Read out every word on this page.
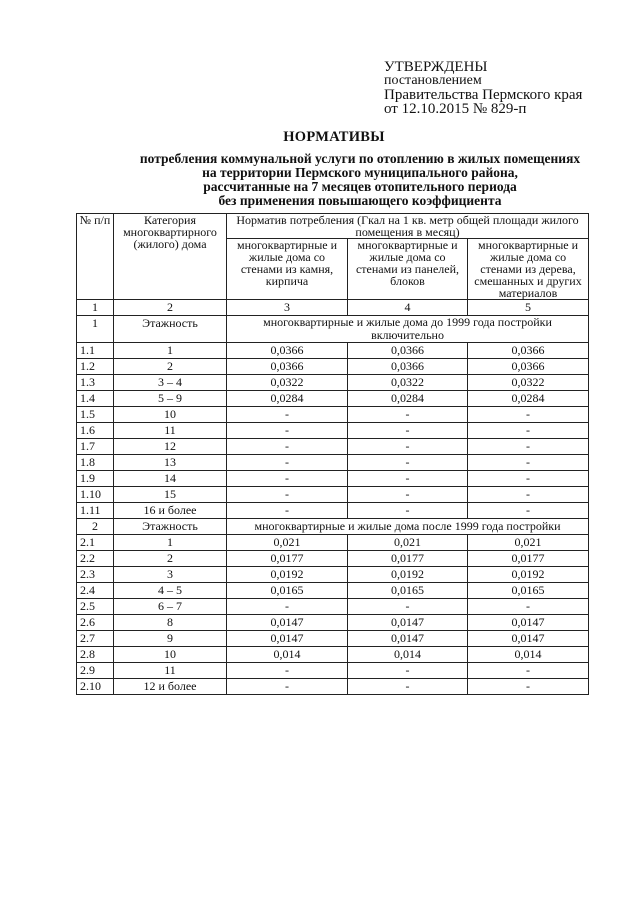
УТВЕРЖДЕНЫ
постановлением
Правительства Пермского края
от 12.10.2015 № 829-п
НОРМАТИВЫ
потребления коммунальной услуги по отоплению в жилых помещениях
на территории Пермского муниципального района,
рассчитанные на 7 месяцев отопительного периода
без применения повышающего коэффициента
№ п/п	Категория многоквартирного (жилого) дома	Норматив потребления (Гкал на 1 кв. метр общей площади жилого помещения в месяц)		
		многоквартирные и жилые дома со стенами из камня, кирпича	многоквартирные и жилые дома со стенами из панелей, блоков	многоквартирные и жилые дома со стенами из дерева, смешанных и других материалов
1	2	3	4	5
1	Этажность	многоквартирные и жилые дома до 1999 года постройки включительно		
1.1	1	0,0366	0,0366	0,0366
1.2	2	0,0366	0,0366	0,0366
1.3	3 – 4	0,0322	0,0322	0,0322
1.4	5 – 9	0,0284	0,0284	0,0284
1.5	10	-	-	-
1.6	11	-	-	-
1.7	12	-	-	-
1.8	13	-	-	-
1.9	14	-	-	-
1.10	15	-	-	-
1.11	16 и более	-	-	-
2	Этажность	многоквартирные и жилые дома после 1999 года постройки		
2.1	1	0,021	0,021	0,021
2.2	2	0,0177	0,0177	0,0177
2.3	3	0,0192	0,0192	0,0192
2.4	4 – 5	0,0165	0,0165	0,0165
2.5	6 – 7	-	-	-
2.6	8	0,0147	0,0147	0,0147
2.7	9	0,0147	0,0147	0,0147
2.8	10	0,014	0,014	0,014
2.9	11	-	-	-
2.10	12 и более	-	-	-
